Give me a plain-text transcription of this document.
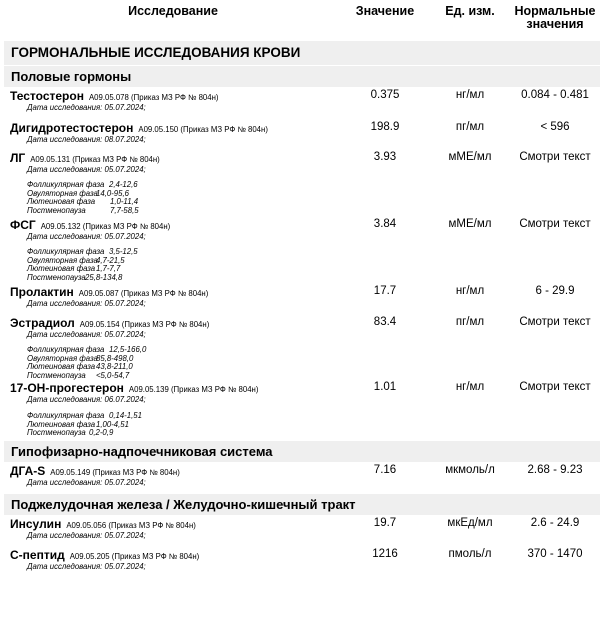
Исследование	Значение	Ед. изм.	Нормальные значения
ГОРМОНАЛЬНЫЕ ИССЛЕДОВАНИЯ КРОВИ
Половые гормоны
Тестостерон A09.05.078 (Приказ МЗ РФ № 804н)
Дата исследования: 05.07.2024;
0.375	нг/мл	0.084 - 0.481
Дигидротестостерон A09.05.150 (Приказ МЗ РФ № 804н)
Дата исследования: 08.07.2024;
198.9	пг/мл	< 596
ЛГ A09.05.131 (Приказ МЗ РФ № 804н)
Дата исследования: 05.07.2024;
3.93	мМЕ/мл	Смотри текст
Фолликулярная фаза 2,4-12,6
Овуляторная фаза14,0-95,6
Лютеиновая фаза 1,0-11,4
Постменопауза	7,7-58,5
ФСГ A09.05.132 (Приказ МЗ РФ № 804н)
Дата исследования: 05.07.2024;
3.84	мМЕ/мл	Смотри текст
Фолликулярная фаза 3,5-12,5
Овуляторная фаза4,7-21,5
Лютеиновая фаза1,7-7,7
Постменопауза25,8-134,8
Пролактин A09.05.087 (Приказ МЗ РФ № 804н)
Дата исследования: 05.07.2024;
17.7	нг/мл	6 - 29.9
Эстрадиол A09.05.154 (Приказ МЗ РФ № 804н)
Дата исследования: 05.07.2024;
83.4	пг/мл	Смотри текст
Фолликулярная фаза 12,5-166,0
Овуляторная фаза85,8-498,0
Лютеиновая фаза43,8-211,0
Постменопауза <5,0-54,7
17-ОН-прогестерон A09.05.139 (Приказ МЗ РФ № 804н)
Дата исследования: 06.07.2024;
1.01	нг/мл	Смотри текст
Фолликулярная фаза 0,14-1,51
Лютеиновая фаза1,00-4,51
Постменопауза 0,2-0,9
Гипофизарно-надпочечниковая система
ДГА-S A09.05.149 (Приказ МЗ РФ № 804н)
Дата исследования: 05.07.2024;
7.16	мкмоль/л	2.68 - 9.23
Поджелудочная железа / Желудочно-кишечный тракт
Инсулин A09.05.056 (Приказ МЗ РФ № 804н)
Дата исследования: 05.07.2024;
19.7	мкЕд/мл	2.6 - 24.9
С-пептид A09.05.205 (Приказ МЗ РФ № 804н)
Дата исследования: 05.07.2024;
1216	пмоль/л	370 - 1470
